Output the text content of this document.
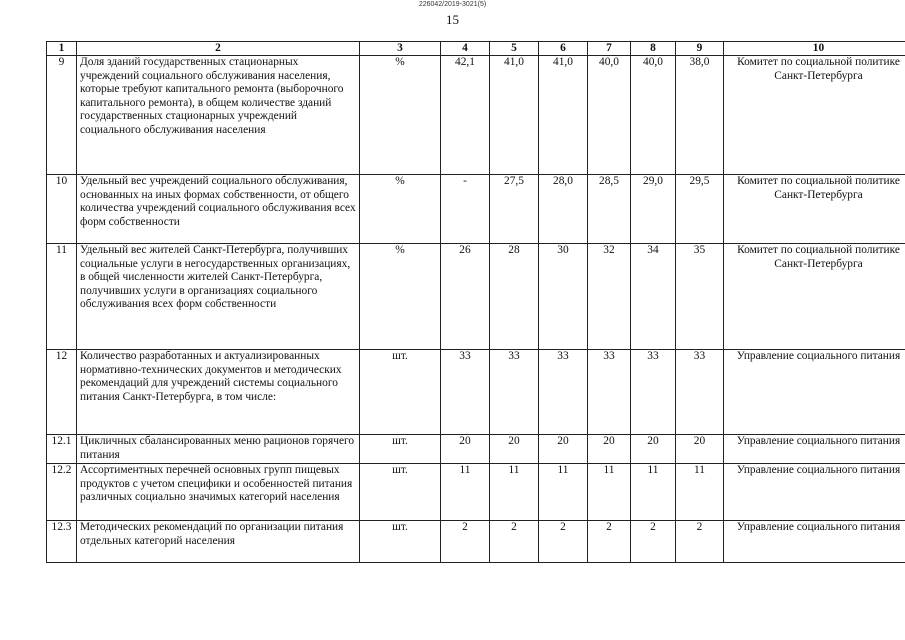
226042/2019-3021(5)
15
1	2	3	4	5	6	7	8	9	10
9	Доля зданий государственных стационарных учреждений социального обслуживания населения, которые требуют капитального ремонта (выборочного капитального ремонта), в общем количестве зданий государственных стационарных учреждений социального обслуживания населения	%	42,1	41,0	41,0	40,0	40,0	38,0	Комитет по социальной политике Санкт-Петербурга
10	Удельный вес учреждений социального обслуживания, основанных на иных формах собственности, от общего количества учреждений социального обслуживания всех форм собственности	%	-	27,5	28,0	28,5	29,0	29,5	Комитет по социальной политике Санкт-Петербурга
11	Удельный вес жителей Санкт-Петербурга, получивших социальные услуги в негосударственных организациях, в общей численности жителей Санкт-Петербурга, получивших услуги в организациях социального обслуживания всех форм собственности	%	26	28	30	32	34	35	Комитет по социальной политике Санкт-Петербурга
12	Количество разработанных и актуализированных нормативно-технических документов и методических рекомендаций для учреждений системы социального питания Санкт-Петербурга, в том числе:	шт.	33	33	33	33	33	33	Управление социального питания
12.1	Цикличных сбалансированных меню рационов горячего питания	шт.	20	20	20	20	20	20	Управление социального питания
12.2	Ассортиментных перечней основных групп пищевых продуктов с учетом специфики и особенностей питания различных социально значимых категорий населения	шт.	11	11	11	11	11	11	Управление социального питания
12.3	Методических рекомендаций по организации питания отдельных категорий населения	шт.	2	2	2	2	2	2	Управление социального питания
